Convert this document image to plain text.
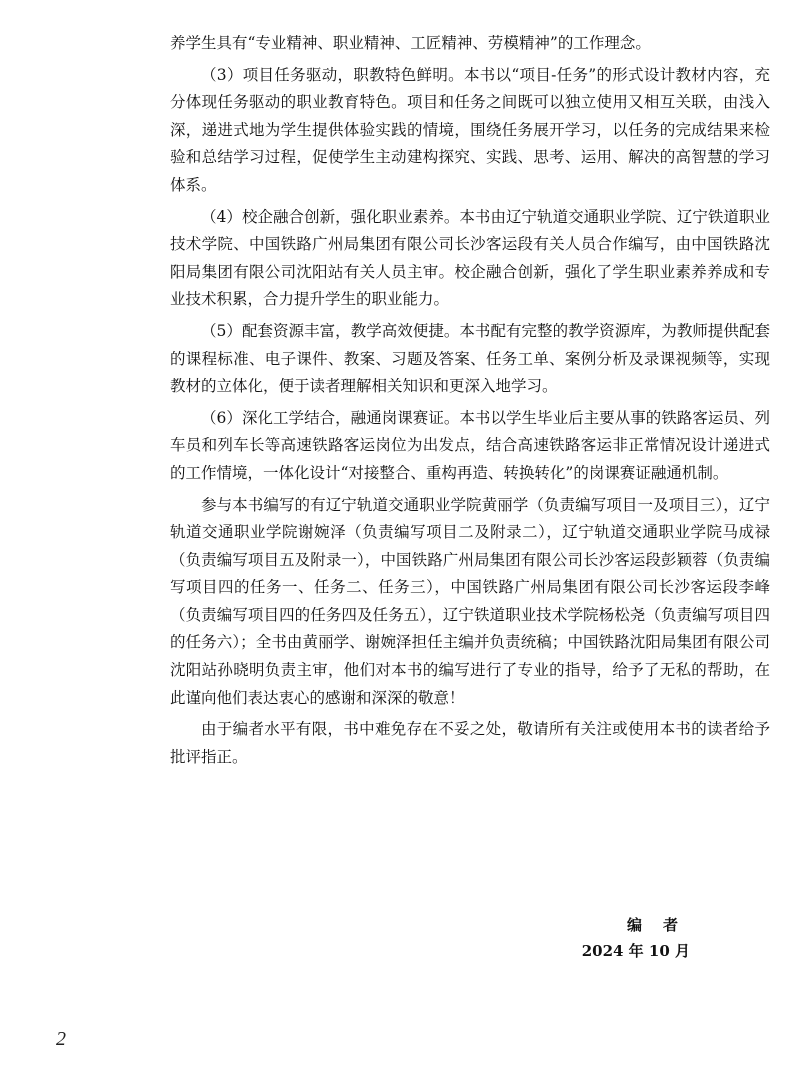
养学生具有“专业精神、职业精神、工匠精神、劳模精神”的工作理念。

（3）项目任务驱动，职教特色鲜明。本书以“项目-任务”的形式设计教材内容，充分体现任务驱动的职业教育特色。项目和任务之间既可以独立使用又相互关联，由浅入深，递进式地为学生提供体验实践的情境，围绕任务展开学习，以任务的完成结果来检验和总结学习过程，促使学生主动建构探究、实践、思考、运用、解决的高智慧的学习体系。

（4）校企融合创新，强化职业素养。本书由辽宁轨道交通职业学院、辽宁铁道职业技术学院、中国铁路广州局集团有限公司长沙客运段有关人员合作编写，由中国铁路沈阳局集团有限公司沈阳站有关人员主审。校企融合创新，强化了学生职业素养养成和专业技术积累，合力提升学生的职业能力。

（5）配套资源丰富，教学高效便捷。本书配有完整的教学资源库，为教师提供配套的课程标准、电子课件、教案、习题及答案、任务工单、案例分析及录课视频等，实现教材的立体化，便于读者理解相关知识和更深入地学习。

（6）深化工学结合，融通岗课赛证。本书以学生毕业后主要从事的铁路客运员、列车员和列车长等高速铁路客运岗位为出发点，结合高速铁路客运非正常情况设计递进式的工作情境，一体化设计“对接整合、重构再造、转换转化”的岗课赛证融通机制。

参与本书编写的有辽宁轨道交通职业学院黄丽学（负责编写项目一及项目三），辽宁轨道交通职业学院谢婉泽（负责编写项目二及附录二），辽宁轨道交通职业学院马成禄（负责编写项目五及附录一），中国铁路广州局集团有限公司长沙客运段彭颖蓉（负责编写项目四的任务一、任务二、任务三），中国铁路广州局集团有限公司长沙客运段李峰（负责编写项目四的任务四及任务五），辽宁铁道职业技术学院杨松尧（负责编写项目四的任务六）；全书由黄丽学、谢婉泽担任主编并负责统稿；中国铁路沈阳局集团有限公司沈阳站孙晓明负责主审，他们对本书的编写进行了专业的指导，给予了无私的帮助，在此谨向他们表达衷心的感谢和深深的敬意！

由于编者水平有限，书中难免存在不妥之处，敬请所有关注或使用本书的读者给予批评指正。

编者
2024 年 10 月
2
